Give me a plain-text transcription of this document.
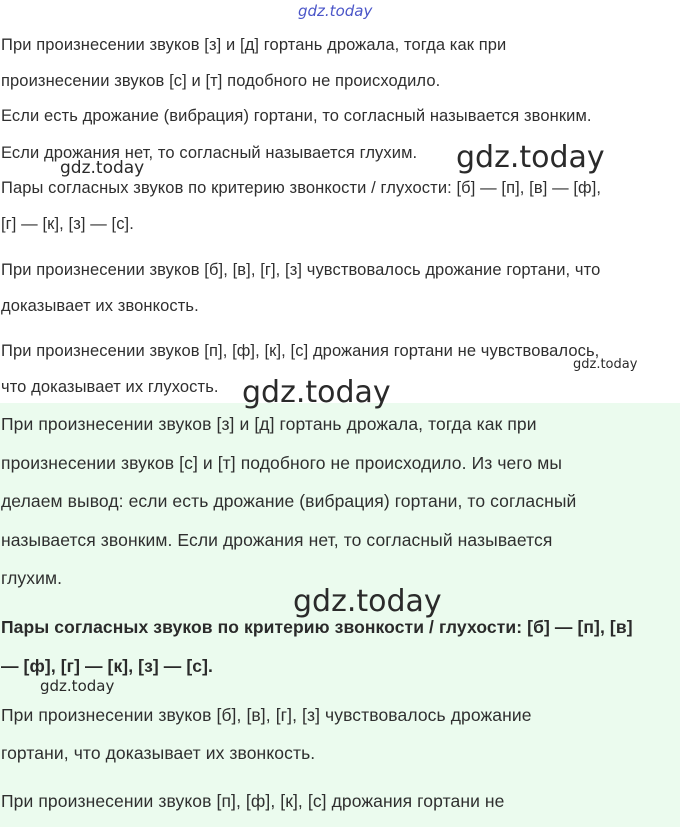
gdz.today
При произнесении звуков [з] и [д] гортань дрожала, тогда как при
произнесении звуков [с] и [т] подобного не происходило.
Если есть дрожание (вибрация) гортани, то согласный называется звонким.
Если дрожания нет, то согласный называется глухим.
Пары согласных звуков по критерию звонкости / глухости: [б] — [п], [в] — [ф],
[г] — [к], [з] — [с].
При произнесении звуков [б], [в], [г], [з] чувствовалось дрожание гортани, что
доказывает их звонкость.
При произнесении звуков [п], [ф], [к], [с] дрожания гортани не чувствовалось,
что доказывает их глухость.
При произнесении звуков [з] и [д] гортань дрожала, тогда как при
произнесении звуков [с] и [т] подобного не происходило. Из чего мы
делаем вывод: если есть дрожание (вибрация) гортани, то согласный
называется звонким. Если дрожания нет, то согласный называется
глухим.
Пары согласных звуков по критерию звонкости / глухости: [б] — [п], [в]
— [ф], [г] — [к], [з] — [с].
При произнесении звуков [б], [в], [г], [з] чувствовалось дрожание
гортани, что доказывает их звонкость.
При произнесении звуков [п], [ф], [к], [с] дрожания гортани не
gdz.today	gdz.today
gdz.today
gdz.today
gdz.today
gdz.today
